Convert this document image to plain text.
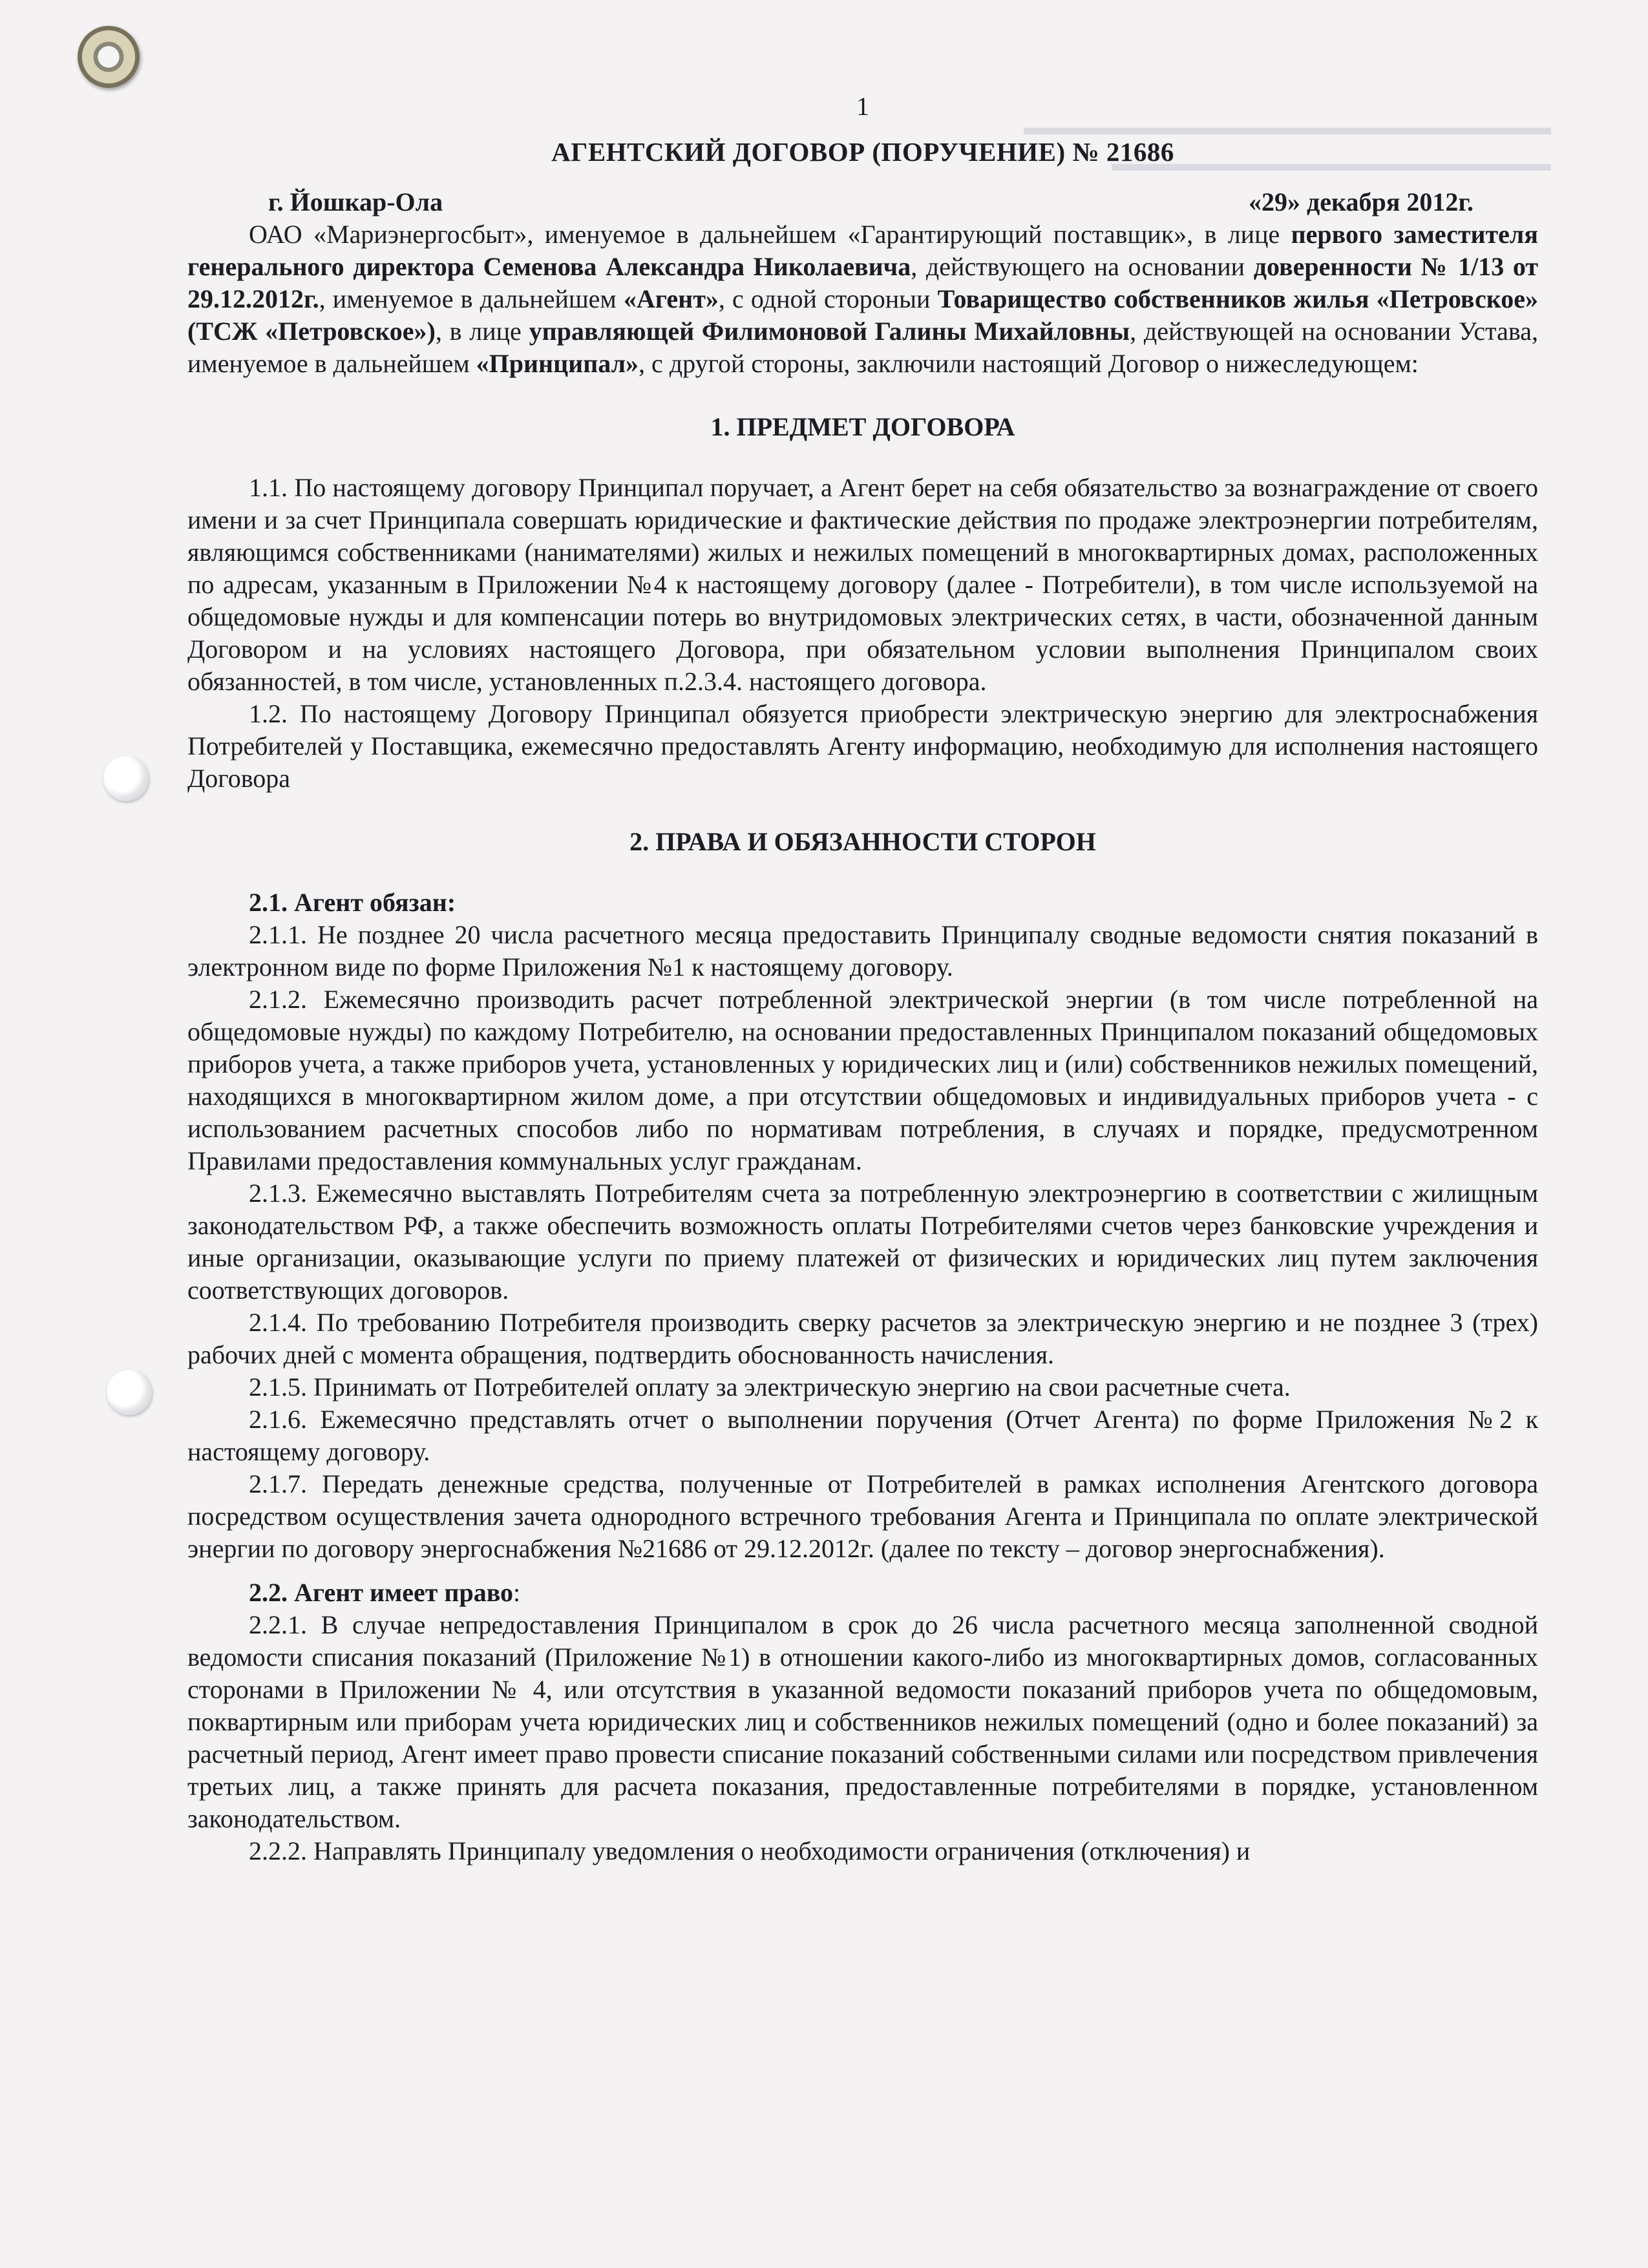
▬▬▬▬▬▬▬▬▬▬▬▬▬▬▬▬▬▬▬▬▬▬▬▬
▬▬▬▬▬▬▬▬▬▬▬▬▬▬▬▬▬▬▬▬

1
АГЕНТСКИЙ ДОГОВОР (ПОРУЧЕНИЕ) № 21686
г. Йошкар-Ола	«29» декабря 2012г.

ОАО «Мариэнергосбыт», именуемое в дальнейшем «Гарантирующий поставщик», в лице первого заместителя генерального директора Семенова Александра Николаевича, действующего на основании доверенности № 1/13 от 29.12.2012г., именуемое в дальнейшем «Агент», с одной стороныи Товарищество собственников жилья «Петровское» (ТСЖ «Петровское»), в лице управляющей Филимоновой Галины Михайловны, действующей на основании Устава, именуемое в дальнейшем «Принципал», с другой стороны, заключили настоящий Договор о нижеследующем:

1. ПРЕДМЕТ ДОГОВОРА

1.1. По настоящему договору Принципал поручает, а Агент берет на себя обязательство за вознаграждение от своего имени и за счет Принципала совершать юридические и фактические действия по продаже электроэнергии потребителям, являющимся собственниками (нанимателями) жилых и нежилых помещений в многоквартирных домах, расположенных по адресам, указанным в Приложении №4 к настоящему договору (далее - Потребители), в том числе используемой на общедомовые нужды и для компенсации потерь во внутридомовых электрических сетях, в части, обозначенной данным Договором и на условиях настоящего Договора, при обязательном условии выполнения Принципалом своих обязанностей, в том числе, установленных п.2.3.4. настоящего договора.

1.2. По настоящему Договору Принципал обязуется приобрести электрическую энергию для электроснабжения Потребителей у Поставщика, ежемесячно предоставлять Агенту информацию, необходимую для исполнения настоящего Договора

2. ПРАВА И ОБЯЗАННОСТИ СТОРОН
2.1. Агент обязан:

2.1.1. Не позднее 20 числа расчетного месяца предоставить Принципалу сводные ведомости снятия показаний в электронном виде по форме Приложения №1 к настоящему договору.

2.1.2. Ежемесячно производить расчет потребленной электрической энергии (в том числе потребленной на общедомовые нужды) по каждому Потребителю, на основании предоставленных Принципалом показаний общедомовых приборов учета, а также приборов учета, установленных у юридических лиц и (или) собственников нежилых помещений, находящихся в многоквартирном жилом доме, а при отсутствии общедомовых и индивидуальных приборов учета - с использованием расчетных способов либо по нормативам потребления, в случаях и порядке, предусмотренном Правилами предоставления коммунальных услуг гражданам.

2.1.3. Ежемесячно выставлять Потребителям счета за потребленную электроэнергию в соответствии с жилищным законодательством РФ, а также обеспечить возможность оплаты Потребителями счетов через банковские учреждения и иные организации, оказывающие услуги по приему платежей от физических и юридических лиц путем заключения соответствующих договоров.

2.1.4. По требованию Потребителя производить сверку расчетов за электрическую энергию и не позднее 3 (трех) рабочих дней с момента обращения, подтвердить обоснованность начисления.

2.1.5. Принимать от Потребителей оплату за электрическую энергию на свои расчетные счета.

2.1.6. Ежемесячно представлять отчет о выполнении поручения (Отчет Агента) по форме Приложения №2 к настоящему договору.

2.1.7. Передать денежные средства, полученные от Потребителей в рамках исполнения Агентского договора посредством осуществления зачета однородного встречного требования Агента и Принципала по оплате электрической энергии по договору энергоснабжения №21686 от 29.12.2012г. (далее по тексту – договор энергоснабжения).

2.2. Агент имеет право:

2.2.1. В случае непредоставления Принципалом в срок до 26 числа расчетного месяца заполненной сводной ведомости списания показаний (Приложение №1) в отношении какого-либо из многоквартирных домов, согласованных сторонами в Приложении № 4, или отсутствия в указанной ведомости показаний приборов учета по общедомовым, поквартирным или приборам учета юридических лиц и собственников нежилых помещений (одно и более показаний) за расчетный период, Агент имеет право провести списание показаний собственными силами или посредством привлечения третьих лиц, а также принять для расчета показания, предоставленные потребителями в порядке, установленном законодательством.

2.2.2. Направлять Принципалу уведомления о необходимости ограничения (отключения) и
